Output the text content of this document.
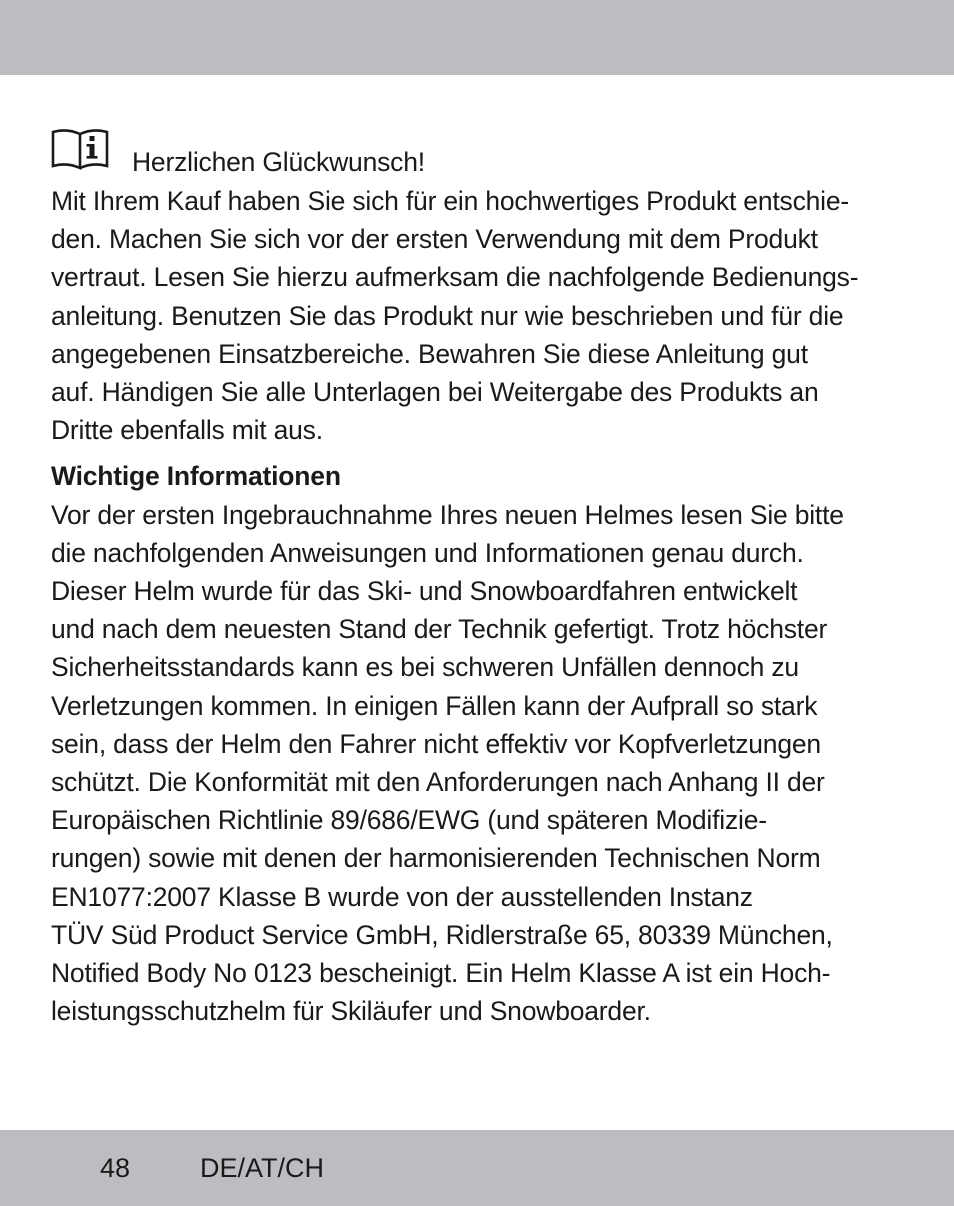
Herzlichen Glückwunsch!
Mit Ihrem Kauf haben Sie sich für ein hochwertiges Produkt entschie-
den. Machen Sie sich vor der ersten Verwendung mit dem Produkt
vertraut. Lesen Sie hierzu aufmerksam die nachfolgende Bedienungs-
anleitung. Benutzen Sie das Produkt nur wie beschrieben und für die
angegebenen Einsatzbereiche. Bewahren Sie diese Anleitung gut
auf. Händigen Sie alle Unterlagen bei Weitergabe des Produkts an
Dritte ebenfalls mit aus.
Wichtige Informationen
Vor der ersten Ingebrauchnahme Ihres neuen Helmes lesen Sie bitte
die nachfolgenden Anweisungen und Informationen genau durch.
Dieser Helm wurde für das Ski- und Snowboardfahren entwickelt
und nach dem neuesten Stand der Technik gefertigt. Trotz höchster
Sicherheitsstandards kann es bei schweren Unfällen dennoch zu
Verletzungen kommen. In einigen Fällen kann der Aufprall so stark
sein, dass der Helm den Fahrer nicht effektiv vor Kopfverletzungen
schützt. Die Konformität mit den Anforderungen nach Anhang II der
Europäischen Richtlinie 89/686/EWG (und späteren Modifizie-
rungen) sowie mit denen der harmonisierenden Technischen Norm
EN1077:2007 Klasse B wurde von der ausstellenden Instanz
TÜV Süd Product Service GmbH, Ridlerstraße 65, 80339 München,
Notified Body No 0123 bescheinigt. Ein Helm Klasse A ist ein Hoch-
leistungsschutzhelm für Skiläufer und Snowboarder.
48	DE/AT/CH
